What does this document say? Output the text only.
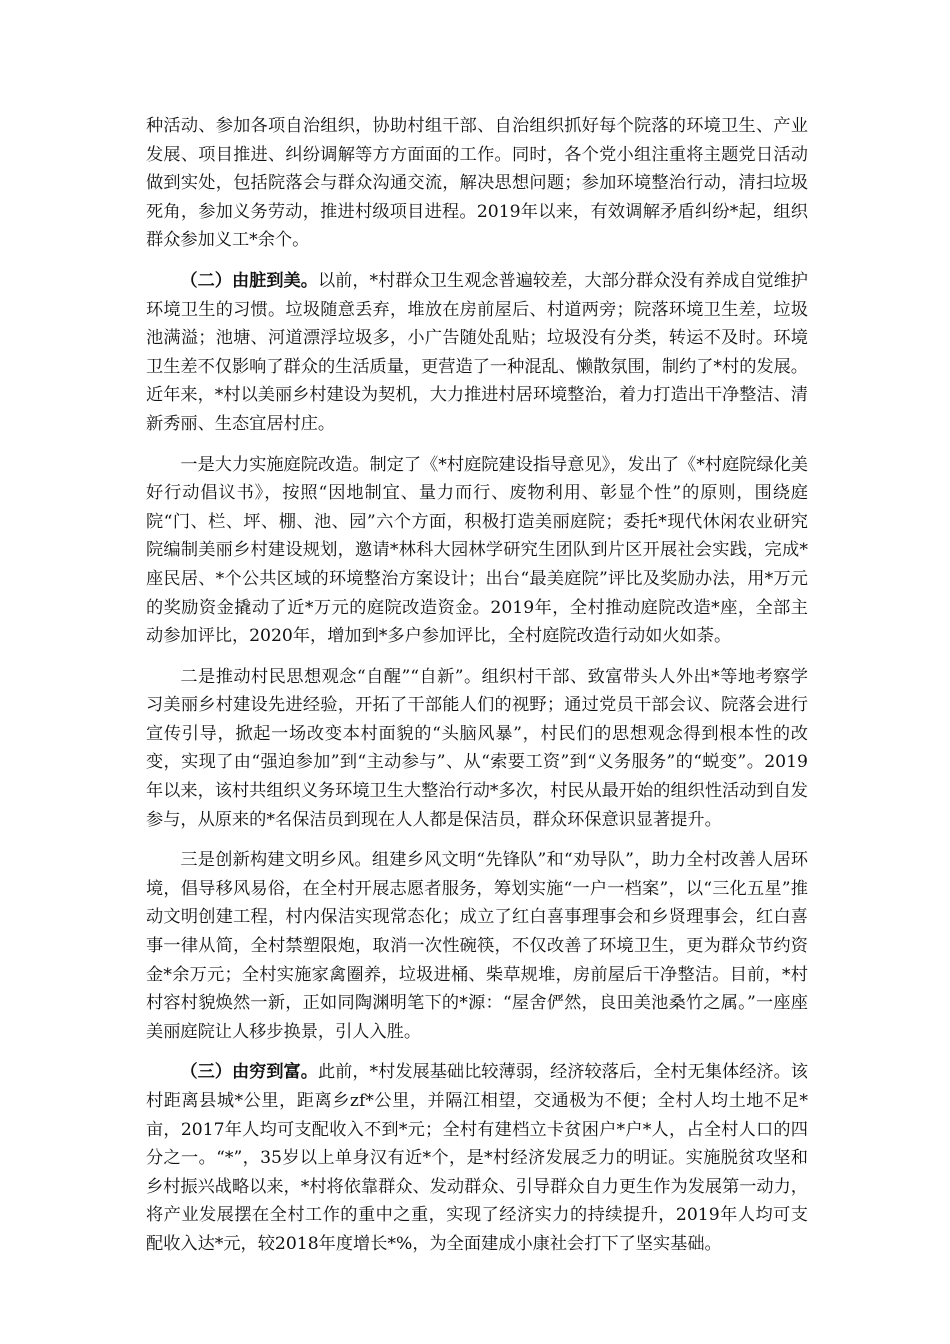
种活动、参加各项自治组织，协助村组干部、自治组织抓好每个院落的环境卫生、产业发展、项目推进、纠纷调解等方方面面的工作。同时，各个党小组注重将主题党日活动做到实处，包括院落会与群众沟通交流，解决思想问题；参加环境整治行动，清扫垃圾死角，参加义务劳动，推进村级项目进程。2019年以来，有效调解矛盾纠纷*起，组织群众参加义工*余个。

（二）由脏到美。以前，*村群众卫生观念普遍较差，大部分群众没有养成自觉维护环境卫生的习惯。垃圾随意丢弃，堆放在房前屋后、村道两旁；院落环境卫生差，垃圾池满溢；池塘、河道漂浮垃圾多，小广告随处乱贴；垃圾没有分类，转运不及时。环境卫生差不仅影响了群众的生活质量，更营造了一种混乱、懒散氛围，制约了*村的发展。近年来，*村以美丽乡村建设为契机，大力推进村居环境整治，着力打造出干净整洁、清新秀丽、生态宜居村庄。

一是大力实施庭院改造。制定了《*村庭院建设指导意见》，发出了《*村庭院绿化美好行动倡议书》，按照“因地制宜、量力而行、废物利用、彰显个性”的原则，围绕庭院“门、栏、坪、棚、池、园”六个方面，积极打造美丽庭院；委托*现代休闲农业研究院编制美丽乡村建设规划，邀请*林科大园林学研究生团队到片区开展社会实践，完成*座民居、*个公共区域的环境整治方案设计；出台“最美庭院”评比及奖励办法，用*万元的奖励资金撬动了近*万元的庭院改造资金。2019年，全村推动庭院改造*座，全部主动参加评比，2020年，增加到*多户参加评比，全村庭院改造行动如火如荼。

二是推动村民思想观念“自醒”“自新”。组织村干部、致富带头人外出*等地考察学习美丽乡村建设先进经验，开拓了干部能人们的视野；通过党员干部会议、院落会进行宣传引导，掀起一场改变本村面貌的“头脑风暴”，村民们的思想观念得到根本性的改变，实现了由“强迫参加”到“主动参与”、从“索要工资”到“义务服务”的“蜕变”。2019年以来，该村共组织义务环境卫生大整治行动*多次，村民从最开始的组织性活动到自发参与，从原来的*名保洁员到现在人人都是保洁员，群众环保意识显著提升。

三是创新构建文明乡风。组建乡风文明“先锋队”和“劝导队”，助力全村改善人居环境，倡导移风易俗，在全村开展志愿者服务，筹划实施“一户一档案”，以“三化五星”推动文明创建工程，村内保洁实现常态化；成立了红白喜事理事会和乡贤理事会，红白喜事一律从简，全村禁塑限炮，取消一次性碗筷，不仅改善了环境卫生，更为群众节约资金*余万元；全村实施家禽圈养，垃圾进桶、柴草规堆，房前屋后干净整洁。目前，*村村容村貌焕然一新，正如同陶渊明笔下的*源：“屋舍俨然，良田美池桑竹之属。”一座座美丽庭院让人移步换景，引人入胜。

（三）由穷到富。此前，*村发展基础比较薄弱，经济较落后，全村无集体经济。该村距离县城*公里，距离乡zf*公里，并隔江相望，交通极为不便；全村人均土地不足*亩，2017年人均可支配收入不到*元；全村有建档立卡贫困户*户*人，占全村人口的四分之一。“*”，35岁以上单身汉有近*个，是*村经济发展乏力的明证。实施脱贫攻坚和乡村振兴战略以来，*村将依靠群众、发动群众、引导群众自力更生作为发展第一动力，将产业发展摆在全村工作的重中之重，实现了经济实力的持续提升，2019年人均可支配收入达*元，较2018年度增长*%，为全面建成小康社会打下了坚实基础。
